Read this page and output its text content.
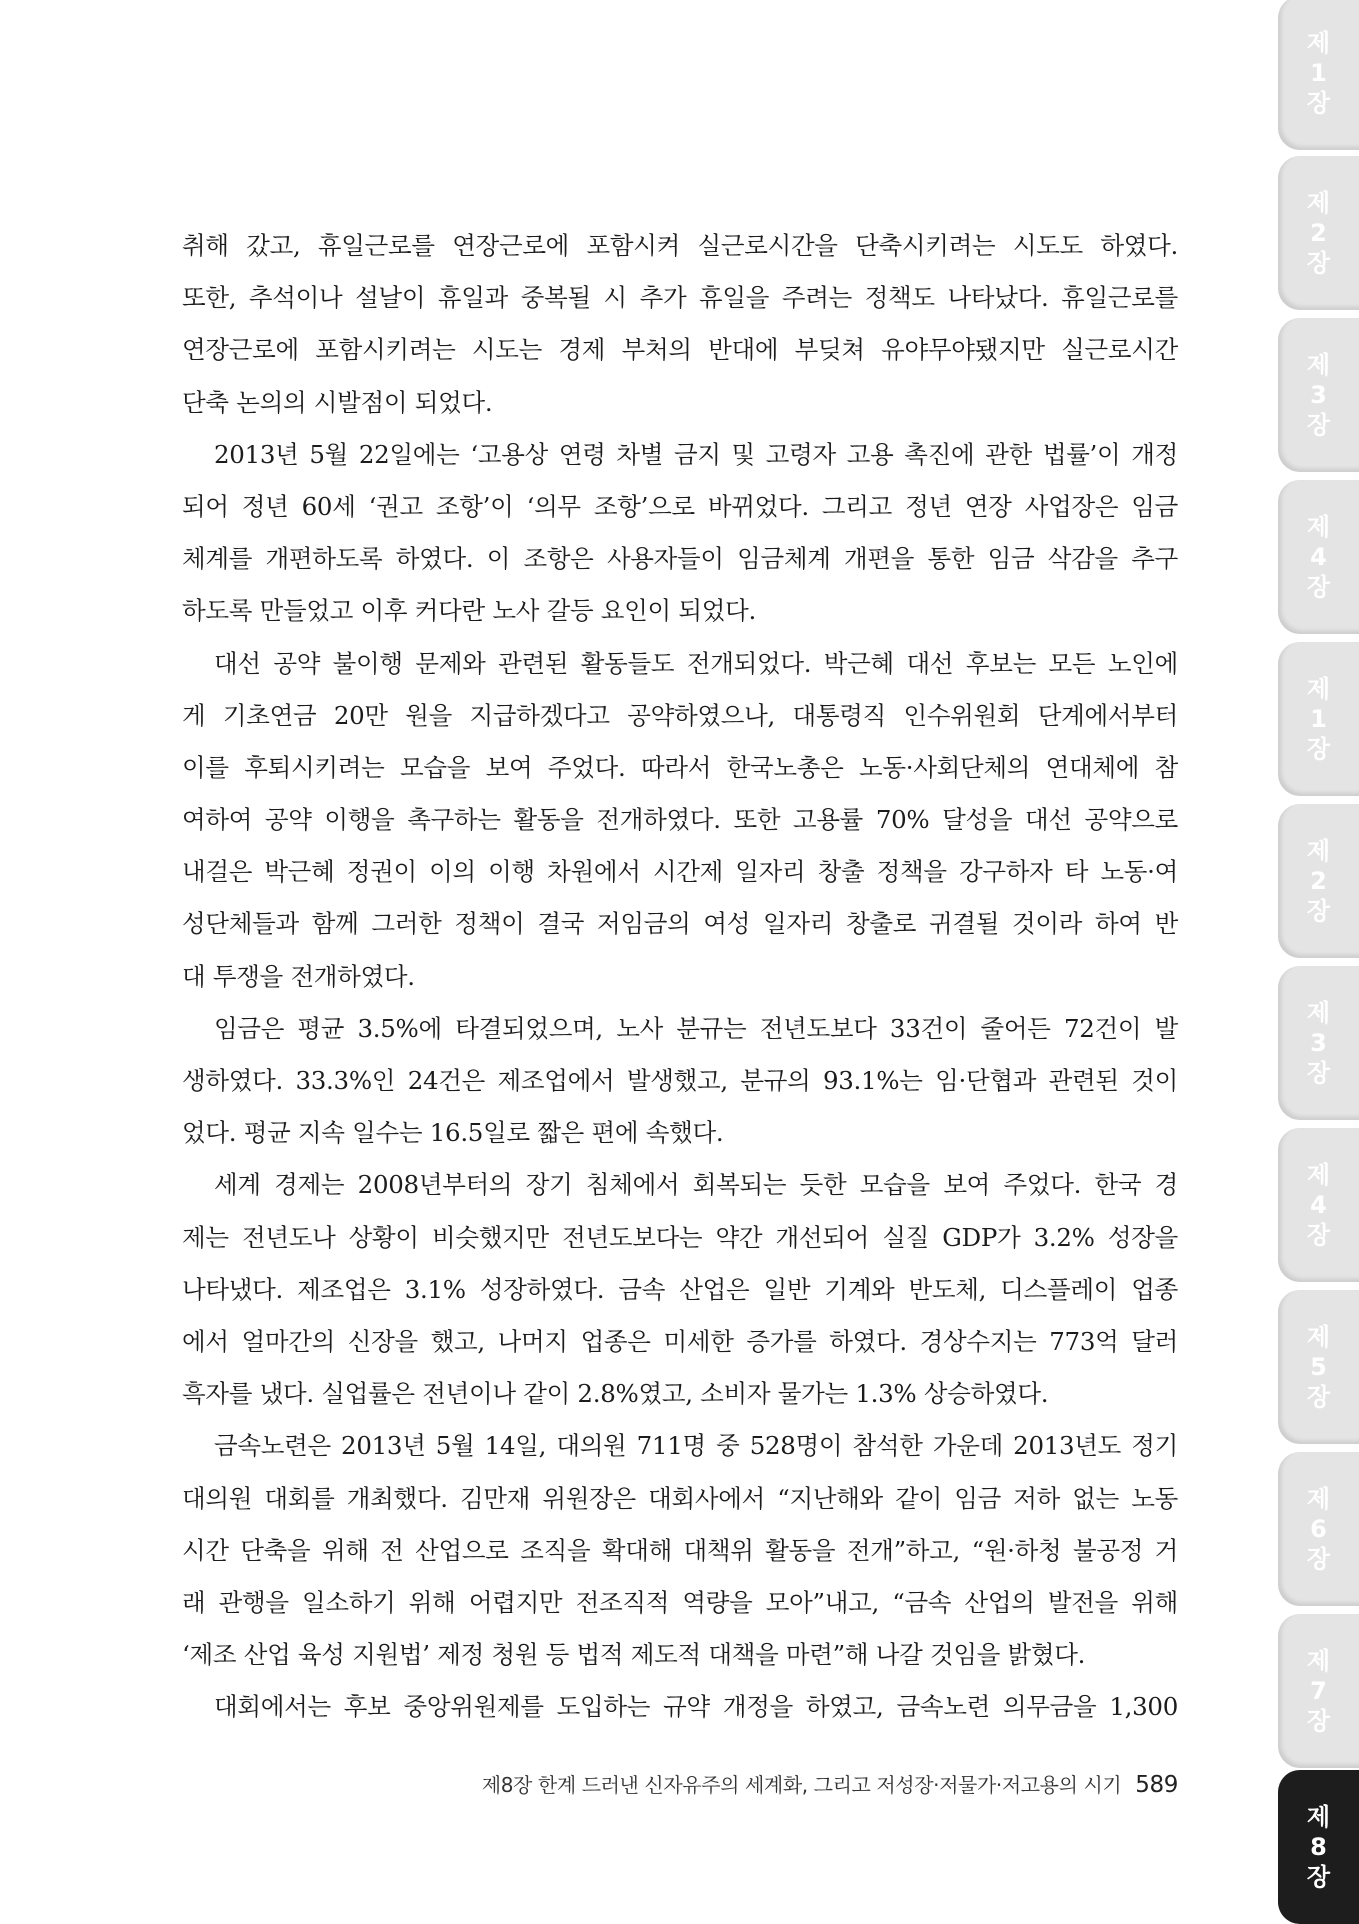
취해 갔고, 휴일근로를 연장근로에 포함시켜 실근로시간을 단축시키려는 시도도 하였다.
또한, 추석이나 설날이 휴일과 중복될 시 추가 휴일을 주려는 정책도 나타났다. 휴일근로를
연장근로에 포함시키려는 시도는 경제 부처의 반대에 부딪쳐 유야무야됐지만 실근로시간
단축 논의의 시발점이 되었다.
2013년 5월 22일에는 ‘고용상 연령 차별 금지 및 고령자 고용 촉진에 관한 법률’이 개정
되어 정년 60세 ‘권고 조항’이 ‘의무 조항’으로 바뀌었다. 그리고 정년 연장 사업장은 임금
체계를 개편하도록 하였다. 이 조항은 사용자들이 임금체계 개편을 통한 임금 삭감을 추구
하도록 만들었고 이후 커다란 노사 갈등 요인이 되었다.
대선 공약 불이행 문제와 관련된 활동들도 전개되었다. 박근혜 대선 후보는 모든 노인에
게 기초연금 20만 원을 지급하겠다고 공약하였으나, 대통령직 인수위원회 단계에서부터
이를 후퇴시키려는 모습을 보여 주었다. 따라서 한국노총은 노동·사회단체의 연대체에 참
여하여 공약 이행을 촉구하는 활동을 전개하였다. 또한 고용률 70% 달성을 대선 공약으로
내걸은 박근혜 정권이 이의 이행 차원에서 시간제 일자리 창출 정책을 강구하자 타 노동·여
성단체들과 함께 그러한 정책이 결국 저임금의 여성 일자리 창출로 귀결될 것이라 하여 반
대 투쟁을 전개하였다.
임금은 평균 3.5%에 타결되었으며, 노사 분규는 전년도보다 33건이 줄어든 72건이 발
생하였다. 33.3%인 24건은 제조업에서 발생했고, 분규의 93.1%는 임·단협과 관련된 것이
었다. 평균 지속 일수는 16.5일로 짧은 편에 속했다.
세계 경제는 2008년부터의 장기 침체에서 회복되는 듯한 모습을 보여 주었다. 한국 경
제는 전년도나 상황이 비슷했지만 전년도보다는 약간 개선되어 실질 GDP가 3.2% 성장을
나타냈다. 제조업은 3.1% 성장하였다. 금속 산업은 일반 기계와 반도체, 디스플레이 업종
에서 얼마간의 신장을 했고, 나머지 업종은 미세한 증가를 하였다. 경상수지는 773억 달러
흑자를 냈다. 실업률은 전년이나 같이 2.8%였고, 소비자 물가는 1.3% 상승하였다.
금속노련은 2013년 5월 14일, 대의원 711명 중 528명이 참석한 가운데 2013년도 정기
대의원 대회를 개최했다. 김만재 위원장은 대회사에서 “지난해와 같이 임금 저하 없는 노동
시간 단축을 위해 전 산업으로 조직을 확대해 대책위 활동을 전개”하고, “원·하청 불공정 거
래 관행을 일소하기 위해 어렵지만 전조직적 역량을 모아”내고, “금속 산업의 발전을 위해
‘제조 산업 육성 지원법’ 제정 청원 등 법적 제도적 대책을 마련”해 나갈 것임을 밝혔다.
대회에서는 후보 중앙위원제를 도입하는 규약 개정을 하였고, 금속노련 의무금을 1,300
제8장 한계 드러낸 신자유주의 세계화, 그리고 저성장·저물가·저고용의 시기 589
제
1
장
제
2
장
제
3
장
제
4
장
제
1
장
제
2
장
제
3
장
제
4
장
제
5
장
제
6
장
제
7
장
제
8
장
